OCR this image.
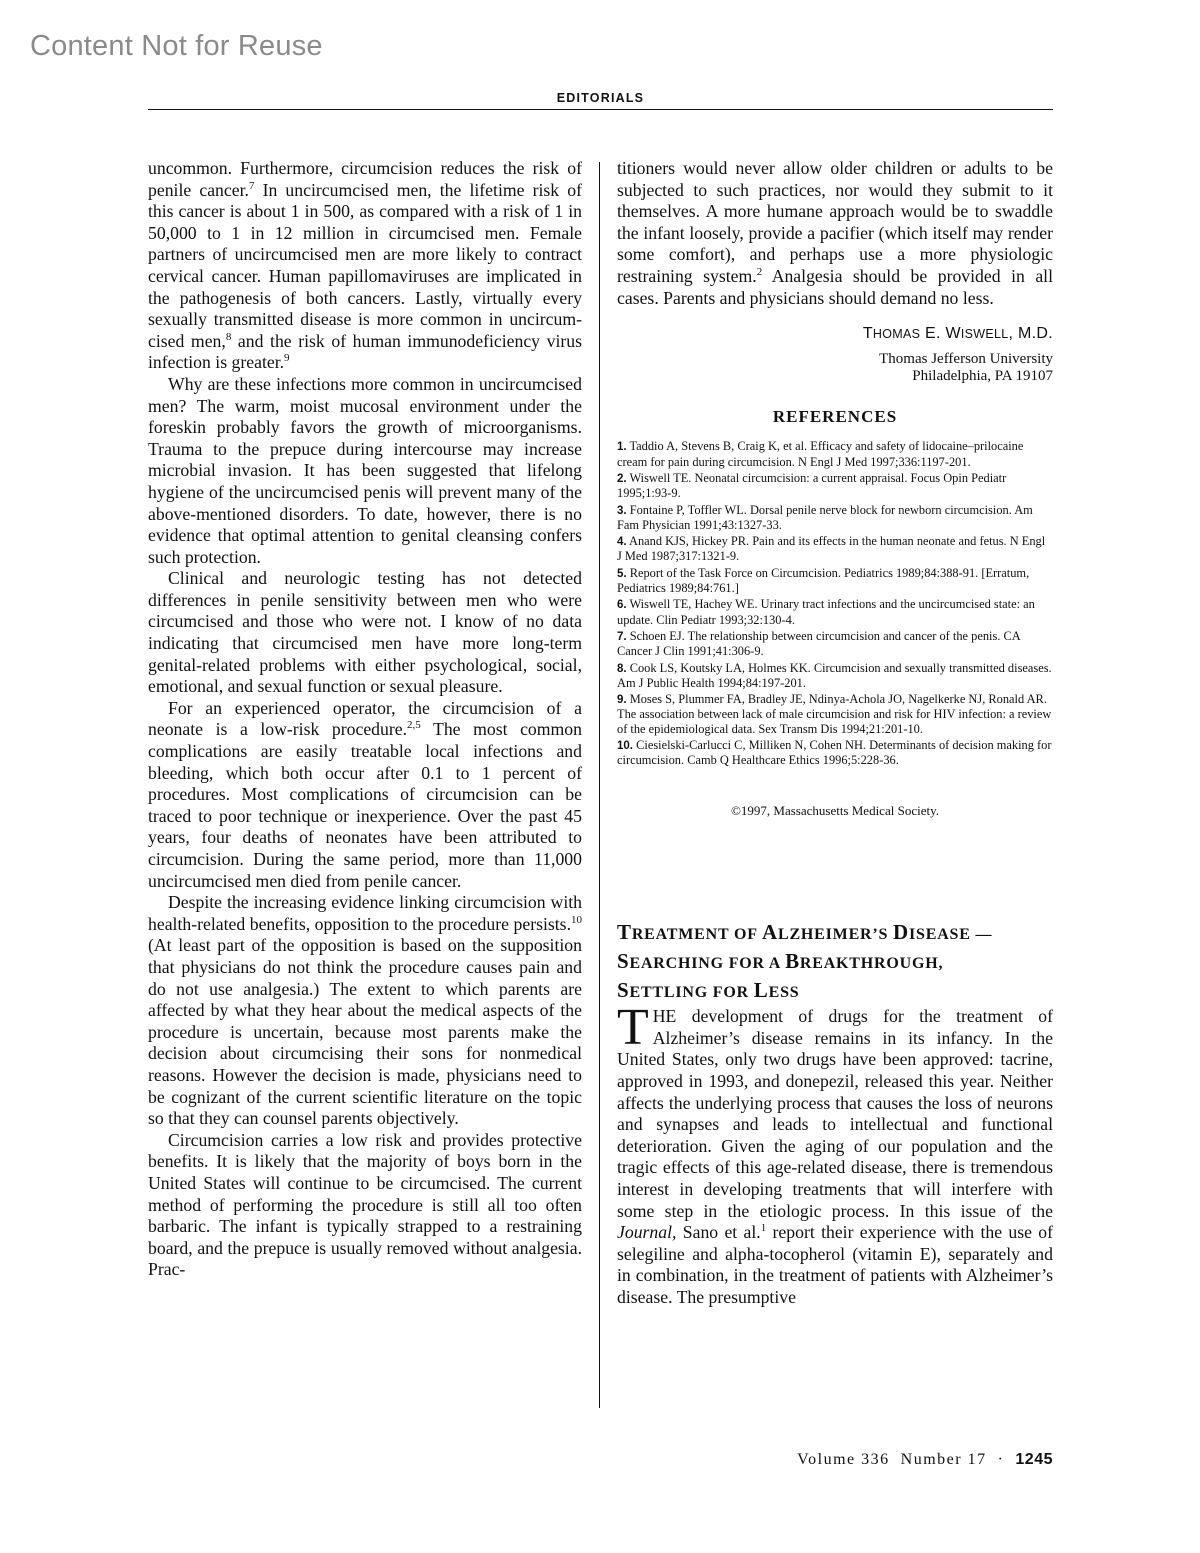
Content Not for Reuse
EDITORIALS

uncommon. Furthermore, circumcision reduces the risk of penile cancer.$^7$ In uncircumcised men, the lifetime risk of this cancer is about 1 in 500, as compared with a risk of 1 in 50,000 to 1 in 12 million in circumcised men. Female partners of uncircumcised men are more likely to contract cervical cancer. Human papillomaviruses are implicated in the pathogenesis of both cancers. Lastly, virtually every sexually transmitted disease is more common in uncircumcised men,$^8$ and the risk of human immunodeficiency virus infection is greater.$^9$

Why are these infections more common in uncircumcised men? The warm, moist mucosal environment under the foreskin probably favors the growth of microorganisms. Trauma to the prepuce during intercourse may increase microbial invasion. It has been suggested that lifelong hygiene of the uncircumcised penis will prevent many of the above-mentioned disorders. To date, however, there is no evidence that optimal attention to genital cleansing confers such protection.

Clinical and neurologic testing has not detected differences in penile sensitivity between men who were circumcised and those who were not. I know of no data indicating that circumcised men have more long-term genital-related problems with either psychological, social, emotional, and sexual function or sexual pleasure.

For an experienced operator, the circumcision of a neonate is a low-risk procedure.$^{2,5}$ The most common complications are easily treatable local infections and bleeding, which both occur after 0.1 to 1 percent of procedures. Most complications of circumcision can be traced to poor technique or inexperience. Over the past 45 years, four deaths of neonates have been attributed to circumcision. During the same period, more than 11,000 uncircumcised men died from penile cancer.

Despite the increasing evidence linking circumcision with health-related benefits, opposition to the procedure persists.$^{10}$ (At least part of the opposition is based on the supposition that physicians do not think the procedure causes pain and do not use analgesia.) The extent to which parents are affected by what they hear about the medical aspects of the procedure is uncertain, because most parents make the decision about circumcising their sons for nonmedical reasons. However the decision is made, physicians need to be cognizant of the current scientific literature on the topic so that they can counsel parents objectively.

Circumcision carries a low risk and provides protective benefits. It is likely that the majority of boys born in the United States will continue to be circumcised. The current method of performing the procedure is still all too often barbaric. The infant is typically strapped to a restraining board, and the prepuce is usually removed without analgesia. Prac-

titioners would never allow older children or adults to be subjected to such practices, nor would they submit to it themselves. A more humane approach would be to swaddle the infant loosely, provide a pacifier (which itself may render some comfort), and perhaps use a more physiologic restraining system.$^2$ Analgesia should be provided in all cases. Parents and physicians should demand no less.

THOMAS E. WISWELL, M.D.
Thomas Jefferson University
Philadelphia, PA 19107
REFERENCES
1. Taddio A, Stevens B, Craig K, et al. Efficacy and safety of lidocaine–prilocaine cream for pain during circumcision. N Engl J Med 1997;336:1197-201.
2. Wiswell TE. Neonatal circumcision: a current appraisal. Focus Opin Pediatr 1995;1:93-9.
3. Fontaine P, Toffler WL. Dorsal penile nerve block for newborn circumcision. Am Fam Physician 1991;43:1327-33.
4. Anand KJS, Hickey PR. Pain and its effects in the human neonate and fetus. N Engl J Med 1987;317:1321-9.
5. Report of the Task Force on Circumcision. Pediatrics 1989;84:388-91. [Erratum, Pediatrics 1989;84:761.]
6. Wiswell TE, Hachey WE. Urinary tract infections and the uncircumcised state: an update. Clin Pediatr 1993;32:130-4.
7. Schoen EJ. The relationship between circumcision and cancer of the penis. CA Cancer J Clin 1991;41:306-9.
8. Cook LS, Koutsky LA, Holmes KK. Circumcision and sexually transmitted diseases. Am J Public Health 1994;84:197-201.
9. Moses S, Plummer FA, Bradley JE, Ndinya-Achola JO, Nagelkerke NJ, Ronald AR. The association between lack of male circumcision and risk for HIV infection: a review of the epidemiological data. Sex Transm Dis 1994;21:201-10.
10. Ciesielski-Carlucci C, Milliken N, Cohen NH. Determinants of decision making for circumcision. Camb Q Healthcare Ethics 1996;5:228-36.
©1997, Massachusetts Medical Society.
TREATMENT OF ALZHEIMER’S DISEASE —
SEARCHING FOR A BREAKTHROUGH,
SETTLING FOR LESS

THE development of drugs for the treatment of Alzheimer’s disease remains in its infancy. In the United States, only two drugs have been approved: tacrine, approved in 1993, and donepezil, released this year. Neither affects the underlying process that causes the loss of neurons and synapses and leads to intellectual and functional deterioration. Given the aging of our population and the tragic effects of this age-related disease, there is tremendous interest in developing treatments that will interfere with some step in the etiologic process. In this issue of the Journal, Sano et al.$^1$ report their experience with the use of selegiline and alpha-tocopherol (vitamin E), separately and in combination, in the treatment of patients with Alzheimer’s disease. The presumptive

Volume 336 Number 17 · 1245
